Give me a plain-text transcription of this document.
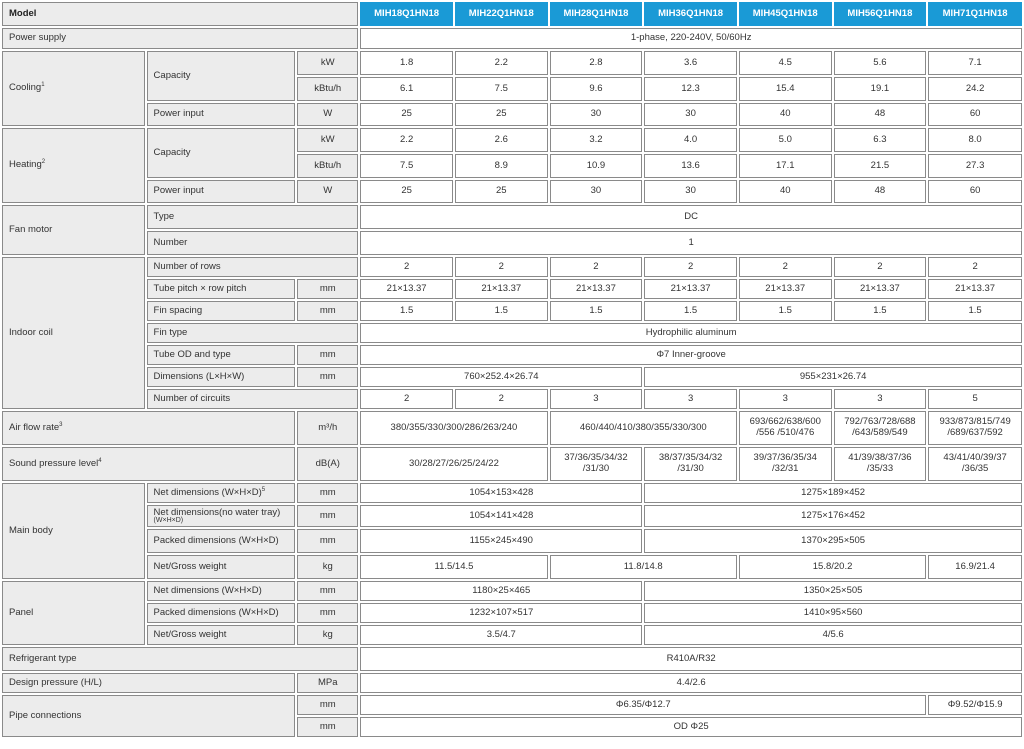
Model			MIH18Q1HN18	MIH22Q1HN18	MIH28Q1HN18	MIH36Q1HN18	MIH45Q1HN18	MIH56Q1HN18	MIH71Q1HN18
Power supply			1-phase, 220-240V, 50/60Hz						
Cooling$^1$	Capacity	kW	1.8	2.2	2.8	3.6	4.5	5.6	7.1
		kBtu/h	6.1	7.5	9.6	12.3	15.4	19.1	24.2
	Power input	W	25	25	30	30	40	48	60
Heating$^2$	Capacity	kW	2.2	2.6	3.2	4.0	5.0	6.3	8.0
		kBtu/h	7.5	8.9	10.9	13.6	17.1	21.5	27.3
	Power input	W	25	25	30	30	40	48	60
Fan motor	Type		DC						
	Number		1						
Indoor coil	Number of rows		2	2	2	2	2	2	2
	Tube pitch × row pitch	mm	21×13.37	21×13.37	21×13.37	21×13.37	21×13.37	21×13.37	21×13.37
	Fin spacing	mm	1.5	1.5	1.5	1.5	1.5	1.5	1.5
	Fin type		Hydrophilic aluminum						
	Tube OD and type	mm	Φ7 Inner-groove						
	Dimensions (L×H×W)	mm	760×252.4×26.74			955×231×26.74			
	Number of circuits		2	2	3	3	3	3	5
Air flow rate$^3$		m³/h	380/355/330/300/286/263/240		460/440/410/380/355/330/300		693/662/638/600 /556 /510/476	792/763/728/688 /643/589/549	933/873/815/749 /689/637/592
Sound pressure level$^4$		dB(A)	30/28/27/26/25/24/22		37/36/35/34/32 /31/30	38/37/35/34/32 /31/30	39/37/36/35/34 /32/31	41/39/38/37/36 /35/33	43/41/40/39/37 /36/35
Main body	Net dimensions $(W\times H\times D)^5$	mm	1054×153×428			1275×189×452			
	Net dimensions(no water tray)
(W×H×D)	mm	1054×141×428			1275×176×452			
	Packed dimensions (W×H×D)	mm	1155×245×490			1370×295×505			
	Net/Gross weight	kg	11.5/14.5		11.8/14.8		15.8/20.2		16.9/21.4
Panel	Net dimensions (W×H×D)	mm	1180×25×465			1350×25×505			
	Packed dimensions (W×H×D)	mm	1232×107×517			1410×95×560			
	Net/Gross weight	kg	3.5/4.7			4/5.6			
Refrigerant type			R410A/R32						
Design pressure (H/L)		MPa	4.4/2.6						
Pipe connections		mm	Φ6.35/Φ12.7						Φ9.52/Φ15.9
		mm	OD Φ25						
